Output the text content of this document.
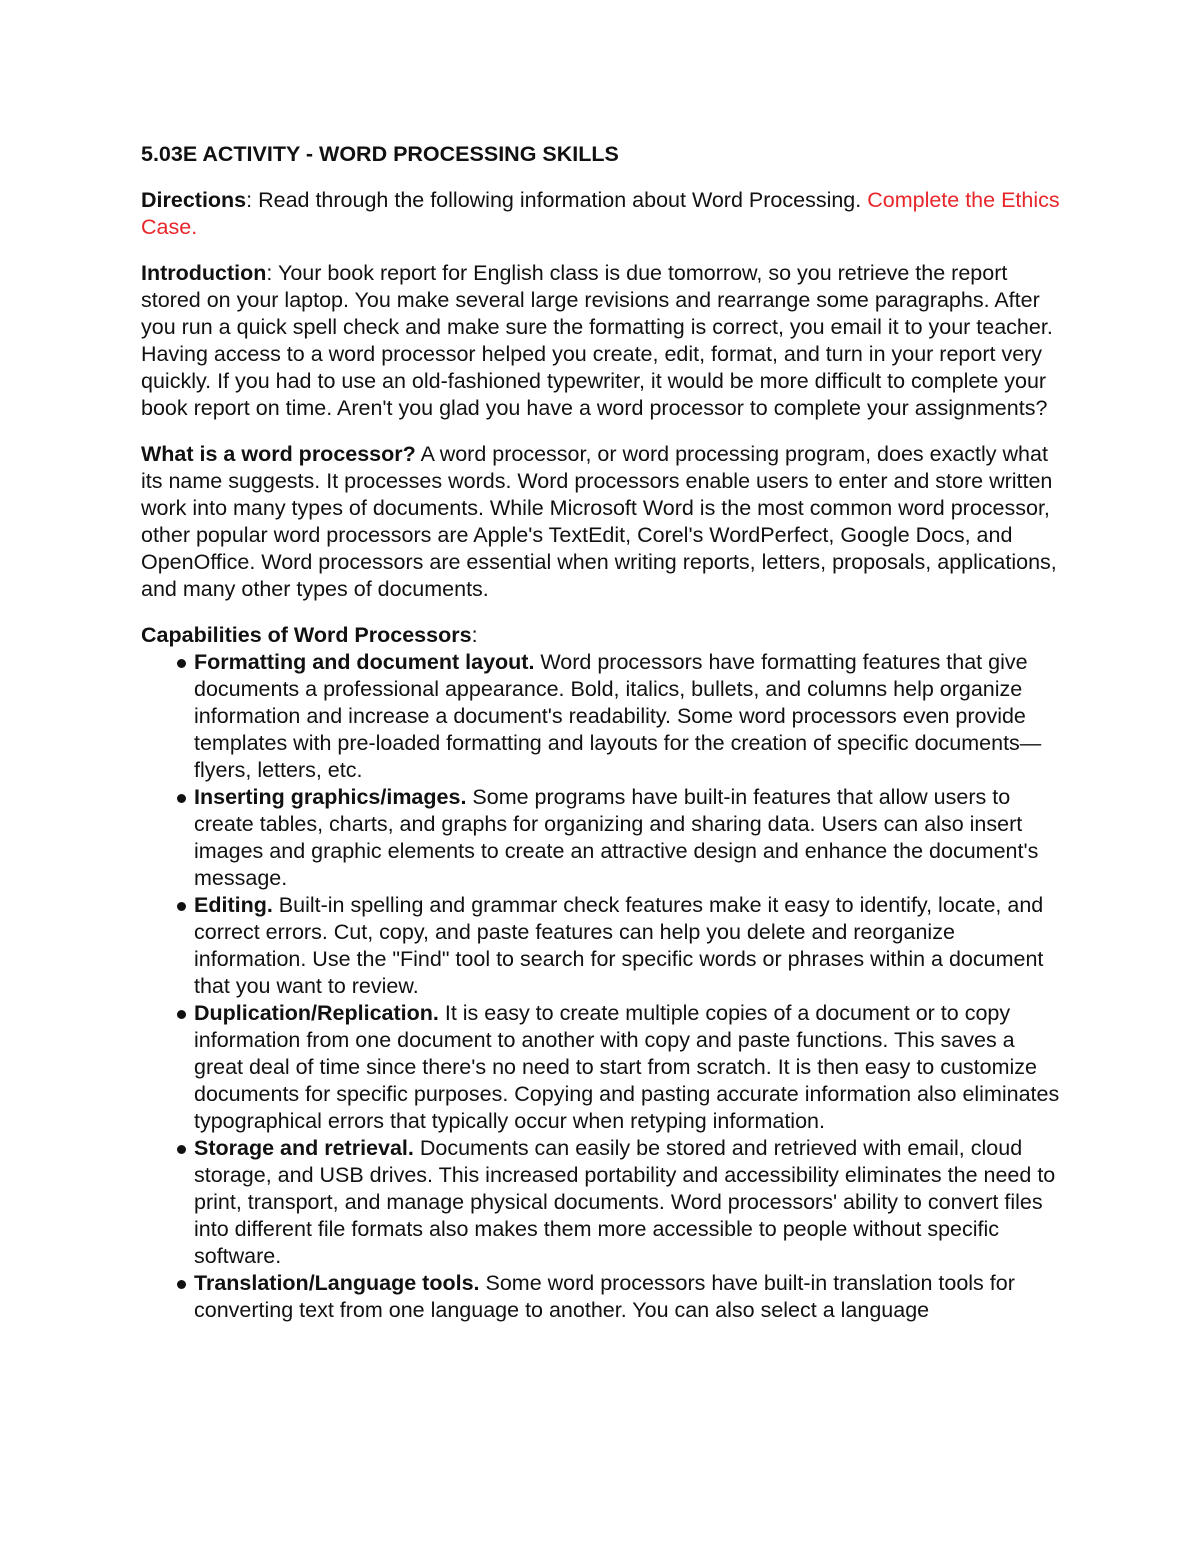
5.03E ACTIVITY - WORD PROCESSING SKILLS

Directions: Read through the following information about Word Processing. Complete the Ethics Case.

Introduction: Your book report for English class is due tomorrow, so you retrieve the report stored on your laptop. You make several large revisions and rearrange some paragraphs. After you run a quick spell check and make sure the formatting is correct, you email it to your teacher. Having access to a word processor helped you create, edit, format, and turn in your report very quickly. If you had to use an old-fashioned typewriter, it would be more difficult to complete your book report on time. Aren't you glad you have a word processor to complete your assignments?

What is a word processor? A word processor, or word processing program, does exactly what its name suggests. It processes words. Word processors enable users to enter and store written work into many types of documents. While Microsoft Word is the most common word processor, other popular word processors are Apple's TextEdit, Corel's WordPerfect, Google Docs, and OpenOffice. Word processors are essential when writing reports, letters, proposals, applications, and many other types of documents.

Capabilities of Word Processors:
Formatting and document layout. Word processors have formatting features that give documents a professional appearance. Bold, italics, bullets, and columns help organize information and increase a document's readability. Some word processors even provide templates with pre-loaded formatting and layouts for the creation of specific documents—flyers, letters, etc.
Inserting graphics/images. Some programs have built-in features that allow users to create tables, charts, and graphs for organizing and sharing data. Users can also insert images and graphic elements to create an attractive design and enhance the document's message.
Editing. Built-in spelling and grammar check features make it easy to identify, locate, and correct errors. Cut, copy, and paste features can help you delete and reorganize information. Use the "Find" tool to search for specific words or phrases within a document that you want to review.
Duplication/Replication. It is easy to create multiple copies of a document or to copy information from one document to another with copy and paste functions. This saves a great deal of time since there's no need to start from scratch. It is then easy to customize documents for specific purposes. Copying and pasting accurate information also eliminates typographical errors that typically occur when retyping information.
Storage and retrieval. Documents can easily be stored and retrieved with email, cloud storage, and USB drives. This increased portability and accessibility eliminates the need to print, transport, and manage physical documents. Word processors' ability to convert files into different file formats also makes them more accessible to people without specific software.
Translation/Language tools. Some word processors have built-in translation tools for converting text from one language to another. You can also select a language
